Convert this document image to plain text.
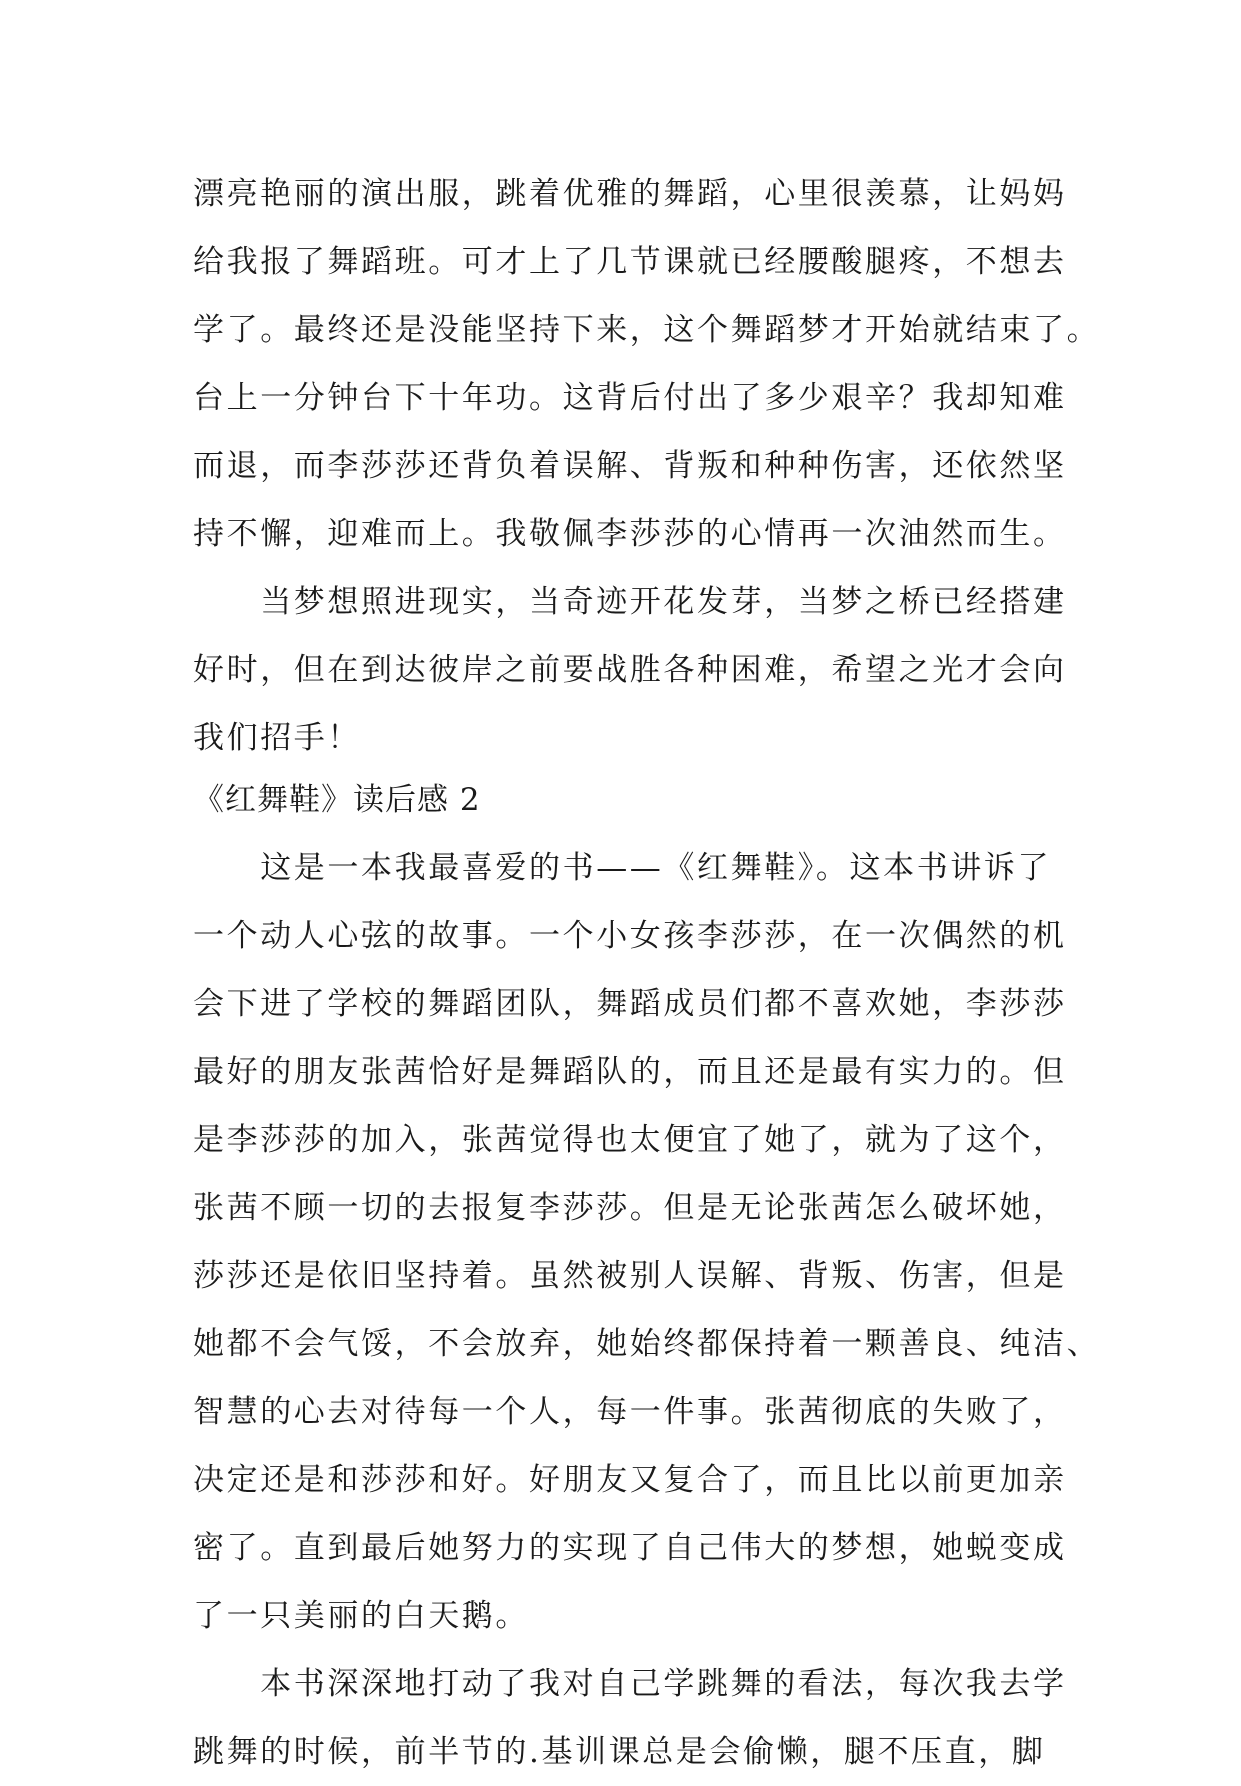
漂亮艳丽的演出服，跳着优雅的舞蹈，心里很羡慕，让妈妈
给我报了舞蹈班。可才上了几节课就已经腰酸腿疼，不想去
学了。最终还是没能坚持下来，这个舞蹈梦才开始就结束了。
台上一分钟台下十年功。这背后付出了多少艰辛？我却知难
而退，而李莎莎还背负着误解、背叛和种种伤害，还依然坚
持不懈，迎难而上。我敬佩李莎莎的心情再一次油然而生。
　　当梦想照进现实，当奇迹开花发芽，当梦之桥已经搭建
好时，但在到达彼岸之前要战胜各种困难，希望之光才会向
我们招手！
《红舞鞋》读后感 2
　　这是一本我最喜爱的书——《红舞鞋》。这本书讲诉了
一个动人心弦的故事。一个小女孩李莎莎，在一次偶然的机
会下进了学校的舞蹈团队，舞蹈成员们都不喜欢她，李莎莎
最好的朋友张茜恰好是舞蹈队的，而且还是最有实力的。但
是李莎莎的加入，张茜觉得也太便宜了她了，就为了这个，
张茜不顾一切的去报复李莎莎。但是无论张茜怎么破坏她，
莎莎还是依旧坚持着。虽然被别人误解、背叛、伤害，但是
她都不会气馁，不会放弃，她始终都保持着一颗善良、纯洁、
智慧的心去对待每一个人，每一件事。张茜彻底的失败了，
决定还是和莎莎和好。好朋友又复合了，而且比以前更加亲
密了。直到最后她努力的实现了自己伟大的梦想，她蜕变成
了一只美丽的白天鹅。
　　本书深深地打动了我对自己学跳舞的看法，每次我去学
跳舞的时候，前半节的.基训课总是会偷懒，腿不压直，脚
